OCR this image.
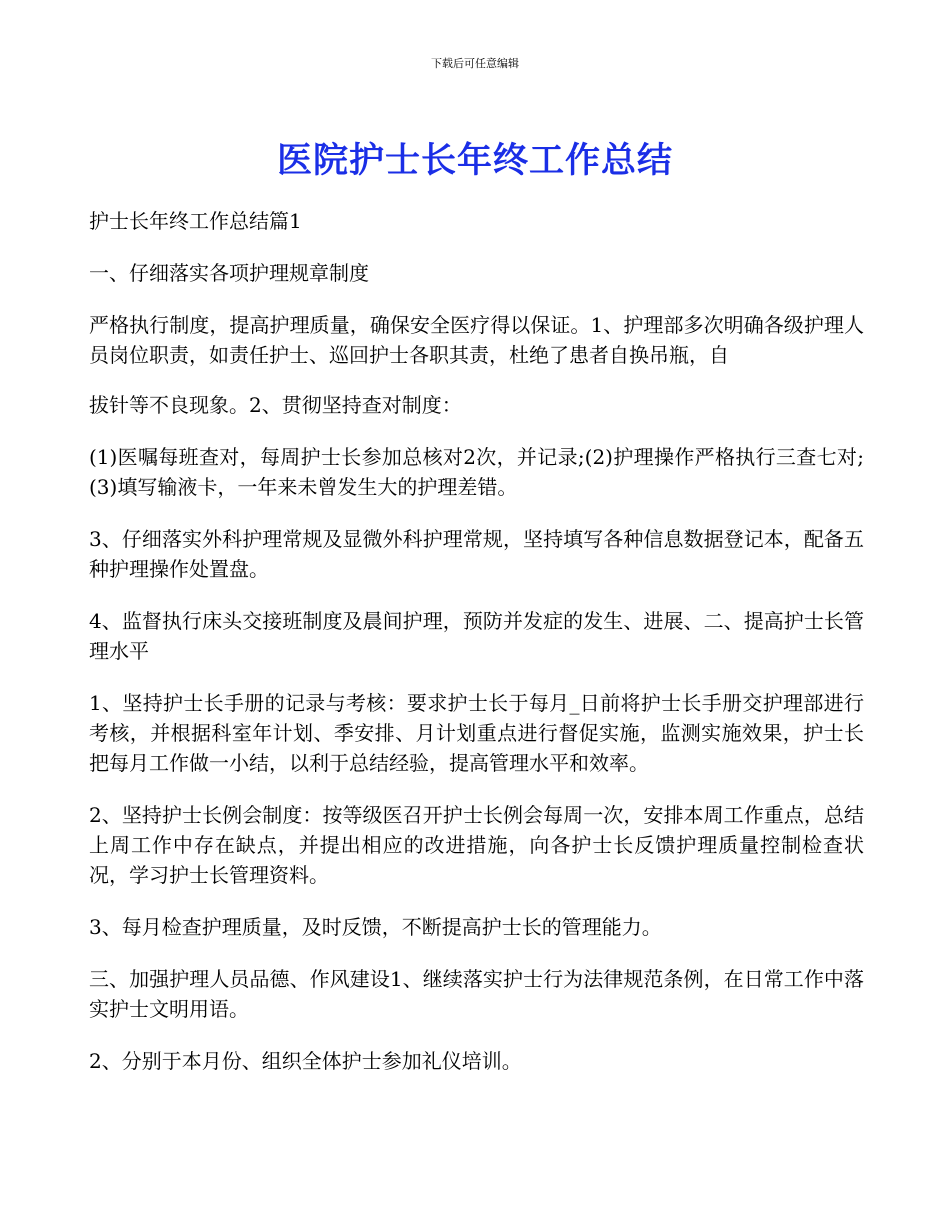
下载后可任意编辑
医院护士长年终工作总结

护士长年终工作总结篇1

一、仔细落实各项护理规章制度

严格执行制度，提高护理质量，确保安全医疗得以保证。1、护理部多次明确各级护理人员岗位职责，如责任护士、巡回护士各职其责，杜绝了患者自换吊瓶，自

拔针等不良现象。2、贯彻坚持查对制度：

(1)医嘱每班查对，每周护士长参加总核对2次，并记录;(2)护理操作严格执行三查七对;(3)填写输液卡，一年来未曾发生大的护理差错。

3、仔细落实外科护理常规及显微外科护理常规，坚持填写各种信息数据登记本，配备五种护理操作处置盘。

4、监督执行床头交接班制度及晨间护理，预防并发症的发生、进展、二、提高护士长管理水平

1、坚持护士长手册的记录与考核：要求护士长于每月_日前将护士长手册交护理部进行考核，并根据科室年计划、季安排、月计划重点进行督促实施，监测实施效果，护士长把每月工作做一小结，以利于总结经验，提高管理水平和效率。

2、坚持护士长例会制度：按等级医召开护士长例会每周一次，安排本周工作重点，总结上周工作中存在缺点，并提出相应的改进措施，向各护士长反馈护理质量控制检查状况，学习护士长管理资料。

3、每月检查护理质量，及时反馈，不断提高护士长的管理能力。

三、加强护理人员品德、作风建设1、继续落实护士行为法律规范条例，在日常工作中落实护士文明用语。

2、分别于本月份、组织全体护士参加礼仪培训。
